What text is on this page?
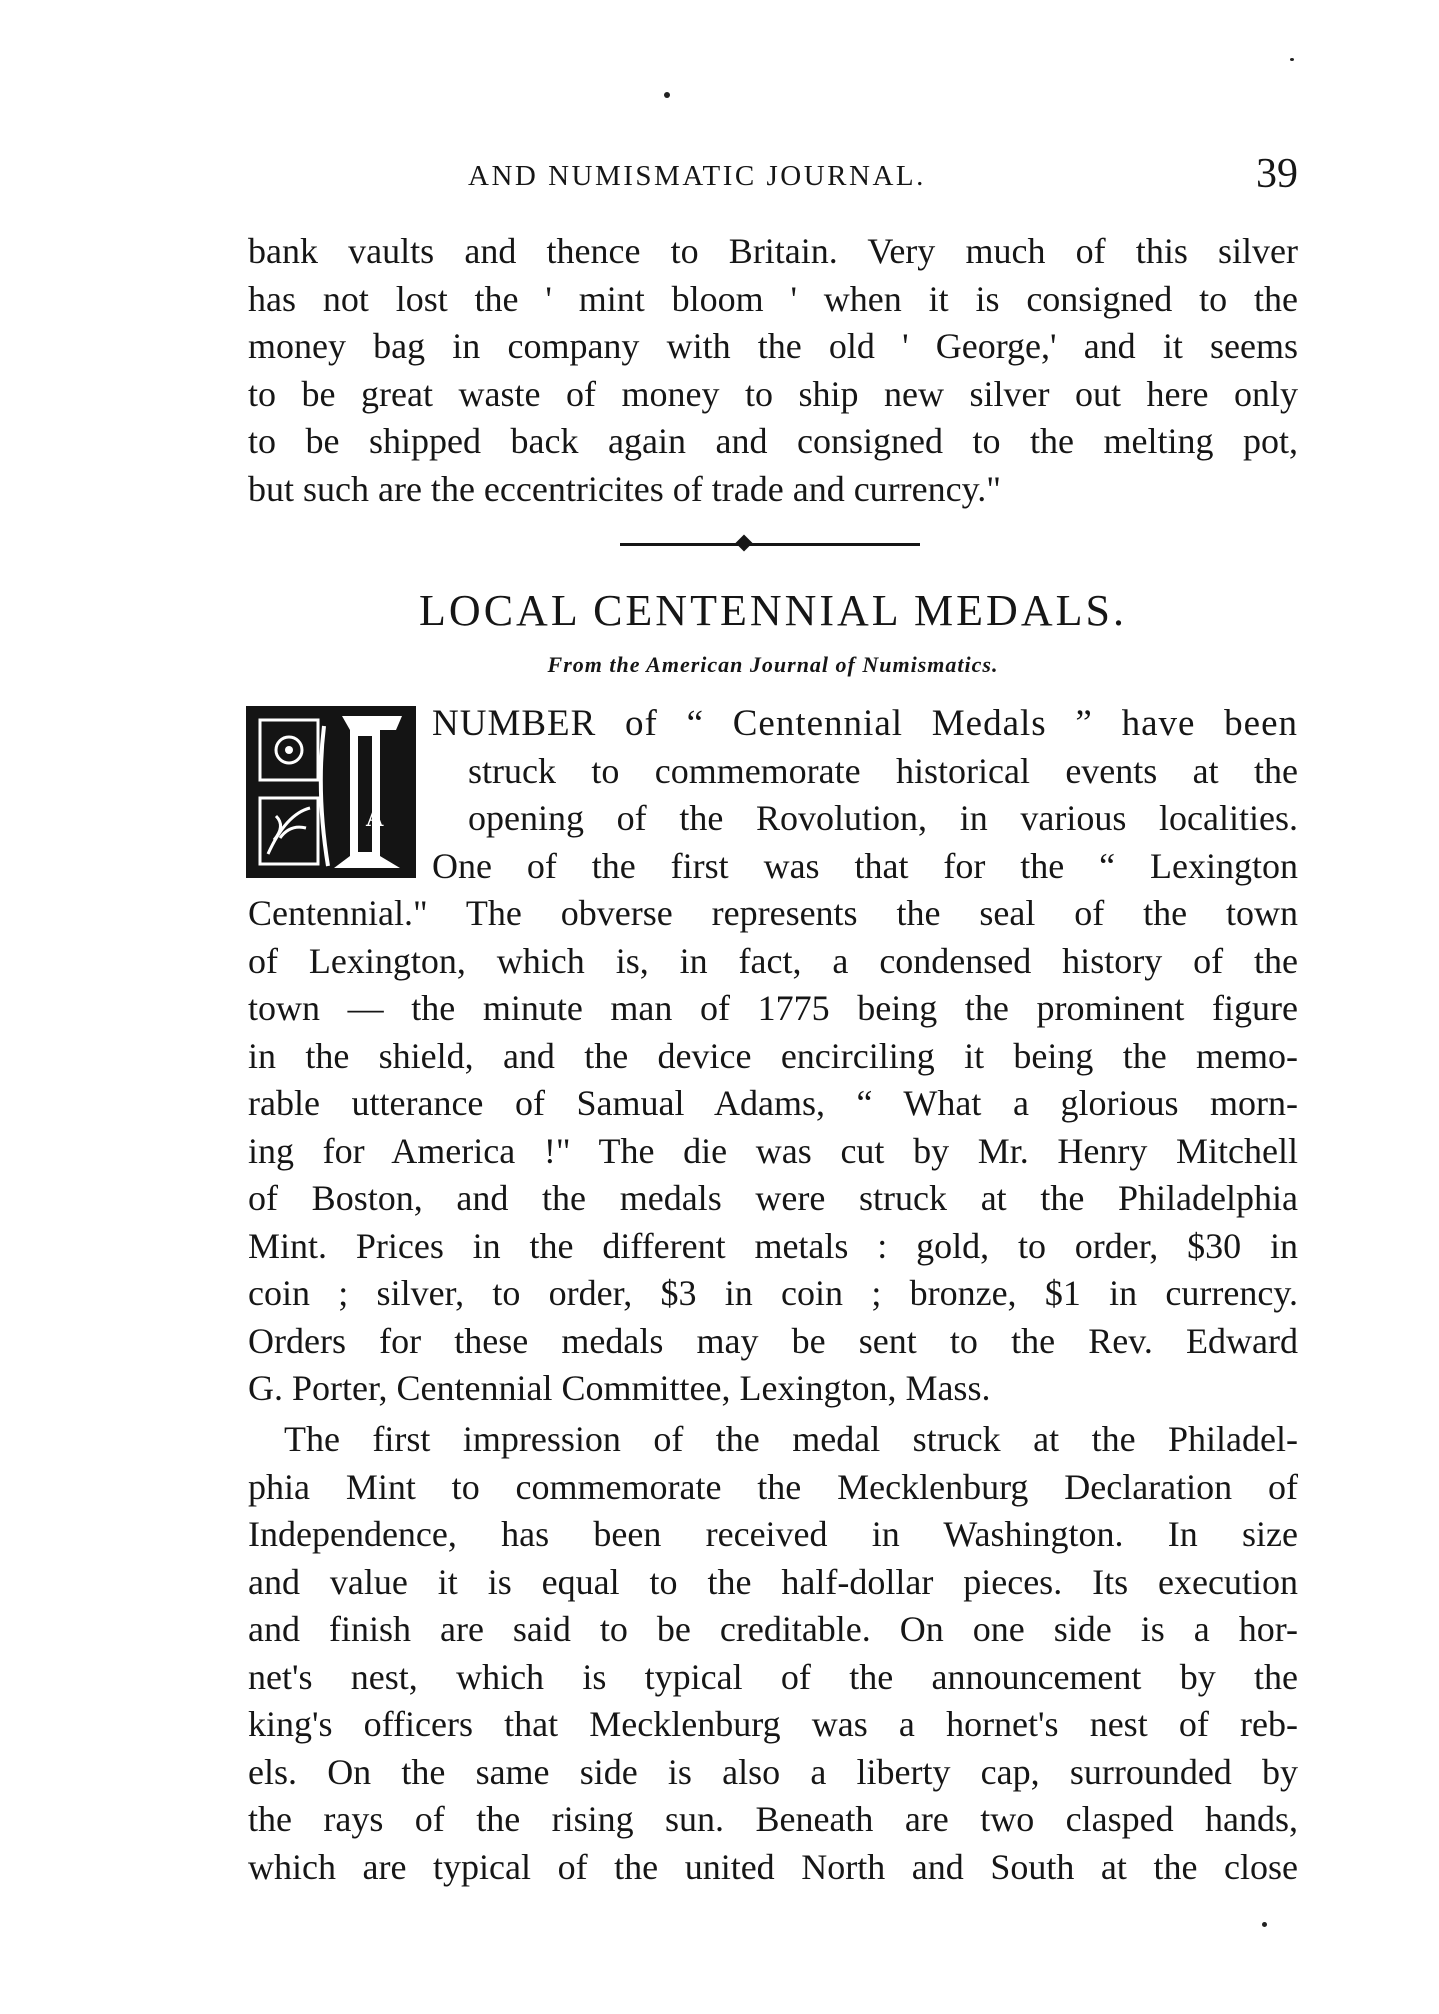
AND NUMISMATIC JOURNAL.	39
bank vaults and thence to Britain. Very much of this silver
has not lost the ' mint bloom ' when it is consigned to the
money bag in company with the old ' George,' and it seems
to be great waste of money to ship new silver out here only
to be shipped back again and consigned to the melting pot,
but such are the eccentricites of trade and currency."
LOCAL CENTENNIAL MEDALS.
From the American Journal of Numismatics.
A
NUMBER of “ Centennial Medals ” have been
struck to commemorate historical events at the
opening of the Rovolution, in various localities.
One of the first was that for the “ Lexington
Centennial." The obverse represents the seal of the town
of Lexington, which is, in fact, a condensed history of the
town — the minute man of 1775 being the prominent figure
in the shield, and the device encirciling it being the memo-
rable utterance of Samual Adams, “ What a glorious morn-
ing for America !" The die was cut by Mr. Henry Mitchell
of Boston, and the medals were struck at the Philadelphia
Mint. Prices in the different metals : gold, to order, $30 in
coin ; silver, to order, $3 in coin ; bronze, $1 in currency.
Orders for these medals may be sent to the Rev. Edward
G. Porter, Centennial Committee, Lexington, Mass.
The first impression of the medal struck at the Philadel-
phia Mint to commemorate the Mecklenburg Declaration of
Independence, has been received in Washington. In size
and value it is equal to the half-dollar pieces. Its execution
and finish are said to be creditable. On one side is a hor-
net's nest, which is typical of the announcement by the
king's officers that Mecklenburg was a hornet's nest of reb-
els. On the same side is also a liberty cap, surrounded by
the rays of the rising sun. Beneath are two clasped hands,
which are typical of the united North and South at the close
